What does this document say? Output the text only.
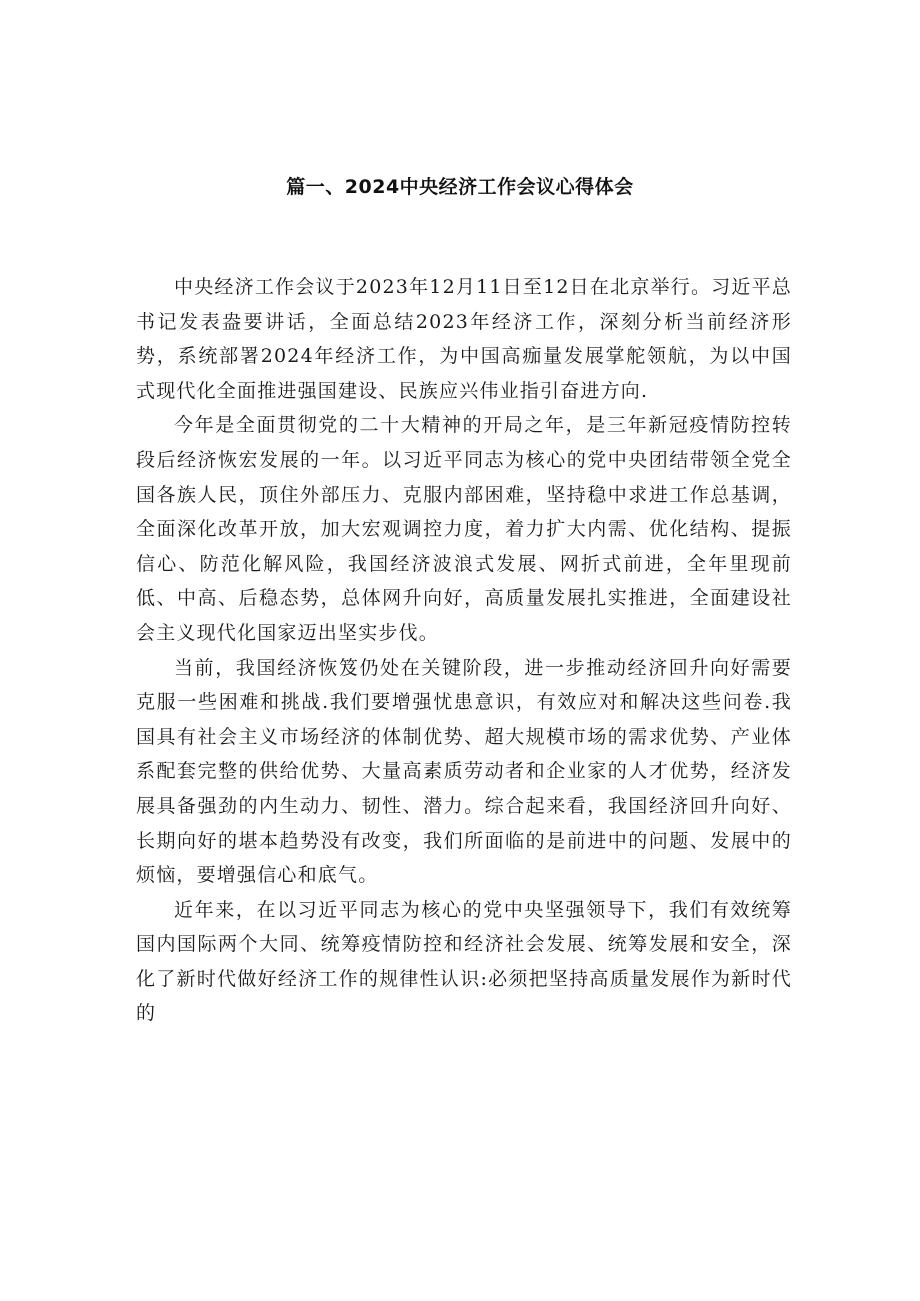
篇一、2024中央经济工作会议心得体会

中央经济工作会议于2023年12月11日至12日在北京举行。习近平总书记发表盎要讲话，全面总结2023年经济工作，深刻分析当前经济形势，系统部署2024年经济工作，为中国高痂量发展掌舵领航，为以中国式现代化全面推进强国建设、民族应兴伟业指引奋进方向.

今年是全面贯彻党的二十大精神的开局之年，是三年新冠疫情防控转段后经济恢宏发展的一年。以习近平同志为核心的党中央团结带领全党全国各族人民，顶住外部压力、克服内部困难，坚持稳中求进工作总基调，全面深化改革开放，加大宏观调控力度，着力扩大内需、优化结构、提振信心、防范化解风险，我国经济波浪式发展、网折式前进，全年里现前低、中高、后稳态势，总体网升向好，高质量发展扎实推进，全面建设社会主义现代化国家迈出坚实步伐。

当前，我国经济恢笈仍处在关键阶段，进一步推动经济回升向好需要克服一些困难和挑战.我们要增强忧患意识，有效应对和解决这些问卷.我国具有社会主义市场经济的体制优势、超大规模市场的需求优势、产业体系配套完整的供给优势、大量高素质劳动者和企业家的人才优势，经济发展具备强劲的内生动力、韧性、潜力。综合起来看，我国经济回升向好、长期向好的堪本趋势没有改变，我们所面临的是前进中的问题、发展中的烦恼，要增强信心和底气。

近年来，在以习近平同志为核心的党中央坚强领导下，我们有效统筹国内国际两个大同、统筹疫情防控和经济社会发展、统筹发展和安全，深化了新时代做好经济工作的规律性认识:必须把坚持高质量发展作为新时代的
